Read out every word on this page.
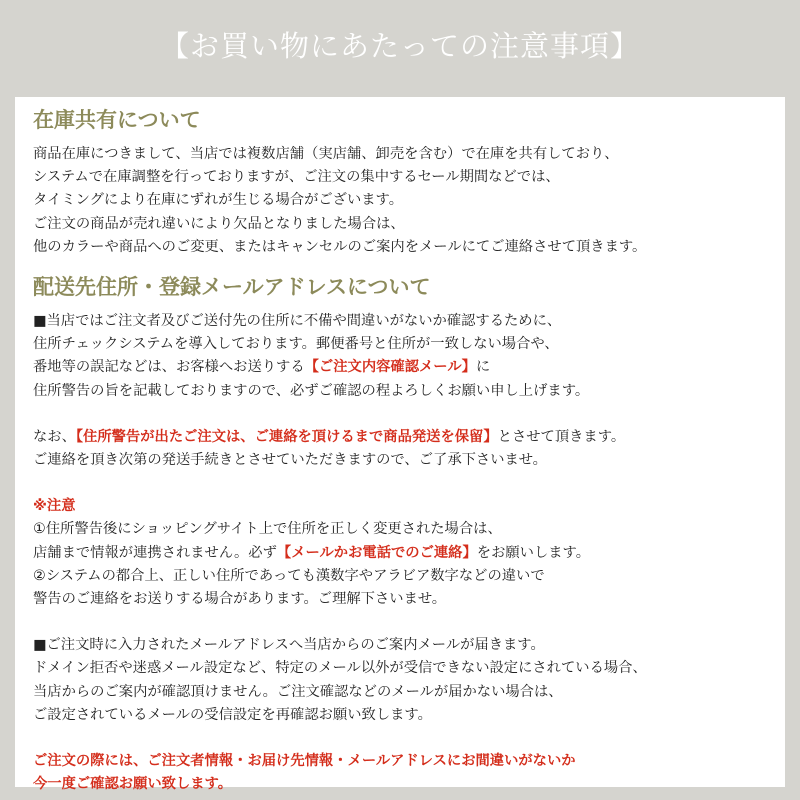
【お買い物にあたっての注意事項】
在庫共有について
商品在庫につきまして、当店では複数店舗（実店舗、卸売を含む）で在庫を共有しており、
システムで在庫調整を行っておりますが、ご注文の集中するセール期間などでは、
タイミングにより在庫にずれが生じる場合がございます。
ご注文の商品が売れ違いにより欠品となりました場合は、
他のカラーや商品へのご変更、またはキャンセルのご案内をメールにてご連絡させて頂きます。
配送先住所・登録メールアドレスについて
■当店ではご注文者及びご送付先の住所に不備や間違いがないか確認するために、
住所チェックシステムを導入しております。郵便番号と住所が一致しない場合や、
番地等の誤記などは、お客様へお送りする【ご注文内容確認メール】に
住所警告の旨を記載しておりますので、必ずご確認の程よろしくお願い申し上げます。
なお、【住所警告が出たご注文は、ご連絡を頂けるまで商品発送を保留】とさせて頂きます。
ご連絡を頂き次第の発送手続きとさせていただきますので、ご了承下さいませ。
※注意
①住所警告後にショッピングサイト上で住所を正しく変更された場合は、
店舗まで情報が連携されません。必ず【メールかお電話でのご連絡】をお願いします。
②システムの都合上、正しい住所であっても漢数字やアラビア数字などの違いで
警告のご連絡をお送りする場合があります。ご理解下さいませ。
■ご注文時に入力されたメールアドレスへ当店からのご案内メールが届きます。
ドメイン拒否や迷惑メール設定など、特定のメール以外が受信できない設定にされている場合、
当店からのご案内が確認頂けません。ご注文確認などのメールが届かない場合は、
ご設定されているメールの受信設定を再確認お願い致します。
ご注文の際には、ご注文者情報・お届け先情報・メールアドレスにお間違いがないか
今一度ご確認お願い致します。
